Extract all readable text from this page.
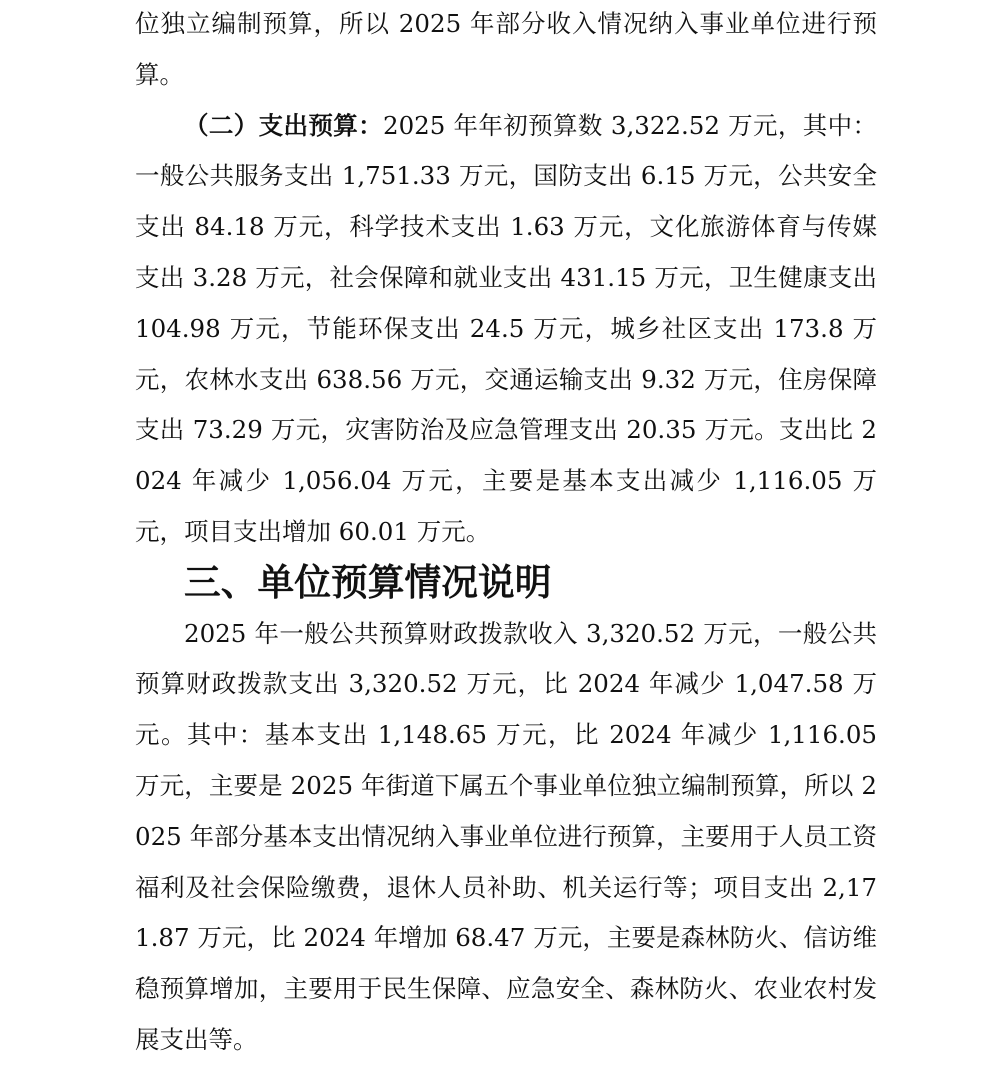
位独立编制预算，所以 2025 年部分收入情况纳入事业单位进行预算。

（二）支出预算：2025 年年初预算数 3,322.52 万元，其中：一般公共服务支出 1,751.33 万元，国防支出 6.15 万元，公共安全支出 84.18 万元，科学技术支出 1.63 万元，文化旅游体育与传媒支出 3.28 万元，社会保障和就业支出 431.15 万元，卫生健康支出 104.98 万元，节能环保支出 24.5 万元，城乡社区支出 173.8 万元，农林水支出 638.56 万元，交通运输支出 9.32 万元，住房保障支出 73.29 万元，灾害防治及应急管理支出 20.35 万元。支出比 2024 年减少 1,056.04 万元，主要是基本支出减少 1,116.05 万元，项目支出增加 60.01 万元。

三、单位预算情况说明

2025 年一般公共预算财政拨款收入 3,320.52 万元，一般公共预算财政拨款支出 3,320.52 万元，比 2024 年减少 1,047.58 万元。其中：基本支出 1,148.65 万元，比 2024 年减少 1,116.05 万元，主要是 2025 年街道下属五个事业单位独立编制预算，所以 2025 年部分基本支出情况纳入事业单位进行预算，主要用于人员工资福利及社会保险缴费，退休人员补助、机关运行等；项目支出 2,171.87 万元，比 2024 年增加 68.47 万元，主要是森林防火、信访维稳预算增加，主要用于民生保障、应急安全、森林防火、农业农村发展支出等。
